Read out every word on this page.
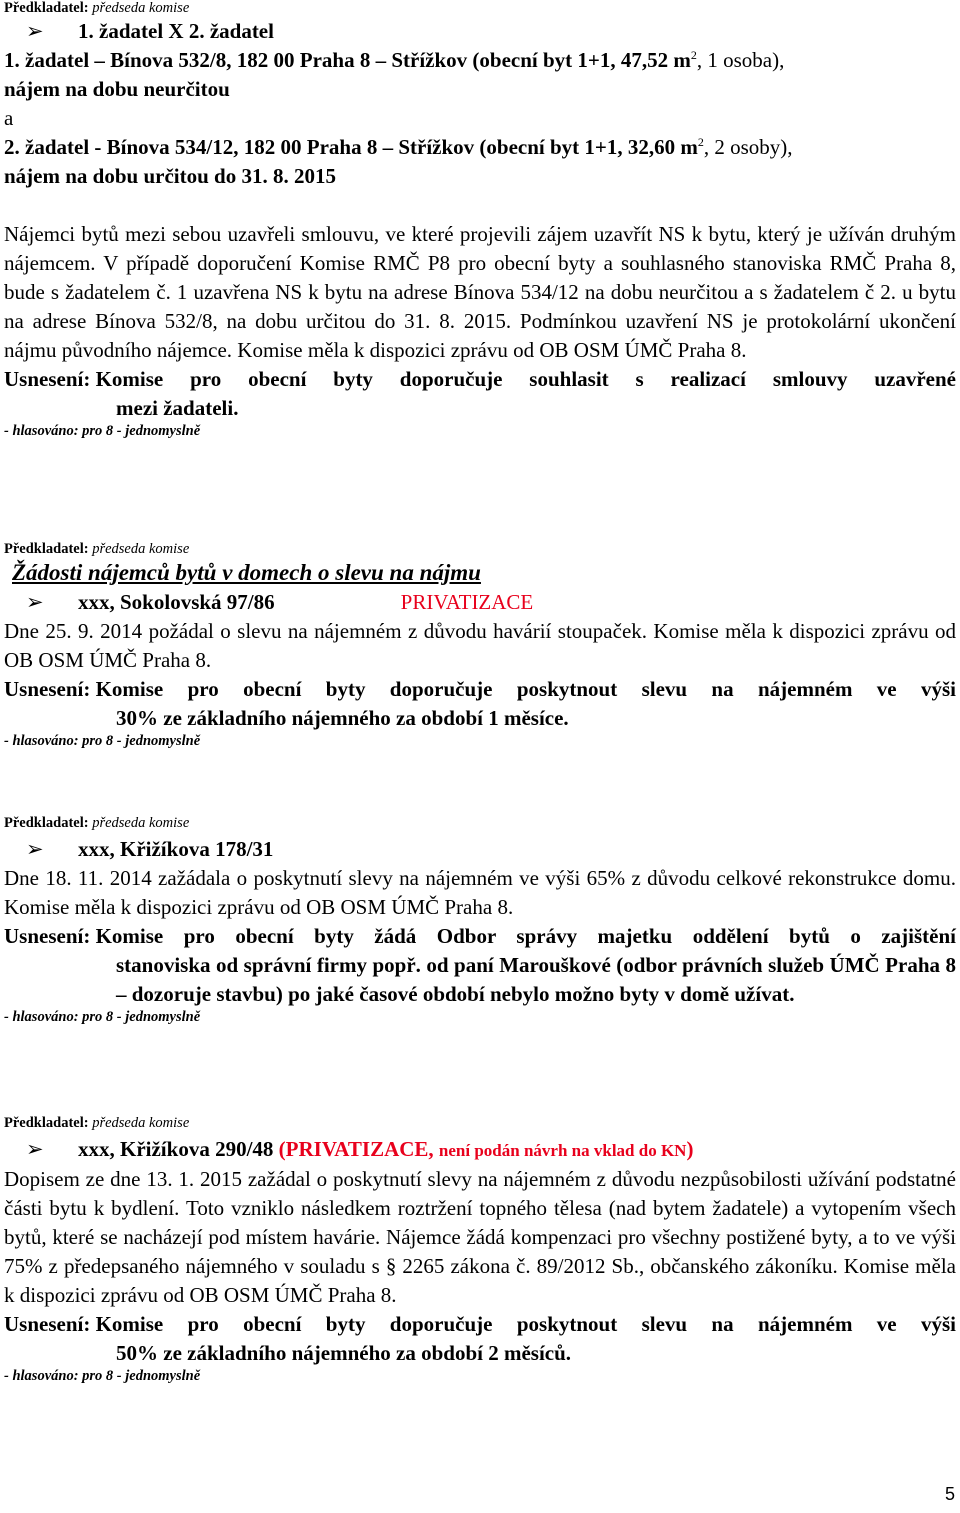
Předkladatel: předseda komise
➢ 1. žadatel X 2. žadatel
1. žadatel – Bínova 532/8, 182 00 Praha 8 – Střížkov (obecní byt 1+1, 47,52 $m^2$, 1 osoba),
nájem na dobu neurčitou
a
2. žadatel - Bínova 534/12, 182 00 Praha 8 – Střížkov (obecní byt 1+1, 32,60 $m^2$, 2 osoby),
nájem na dobu určitou do 31. 8. 2015
Nájemci bytů mezi sebou uzavřeli smlouvu, ve které projevili zájem uzavřít NS k bytu, který je užíván druhým nájemcem. V případě doporučení Komise RMČ P8 pro obecní byty a souhlasného stanoviska RMČ Praha 8, bude s žadatelem č. 1 uzavřena NS k bytu na adrese Bínova 534/12 na dobu neurčitou a s žadatelem č 2. u bytu na adrese Bínova 532/8, na dobu určitou do 31. 8. 2015. Podmínkou uzavření NS je protokolární ukončení nájmu původního nájemce. Komise měla k dispozici zprávu od OB OSM ÚMČ Praha 8.
Usnesení:
Komise pro obecní byty doporučuje souhlasit s realizací smlouvy uzavřené
mezi žadateli.
- hlasováno: pro 8 - jednomyslně
Předkladatel: předseda komise
Žádosti nájemců bytů v domech o slevu na nájmu
➢ xxx, Sokolovská 97/86	PRIVATIZACE
Dne 25. 9. 2014 požádal o slevu na nájemném z důvodu havárií stoupaček. Komise měla k dispozici zprávu od OB OSM ÚMČ Praha 8.
Usnesení:
Komise pro obecní byty doporučuje poskytnout slevu na nájemném ve výši
30% ze základního nájemného za období 1 měsíce.
- hlasováno: pro 8 - jednomyslně
Předkladatel: předseda komise
➢ xxx, Křižíkova 178/31
Dne 18. 11. 2014 zažádala o poskytnutí slevy na nájemném ve výši 65% z důvodu celkové rekonstrukce domu. Komise měla k dispozici zprávu od OB OSM ÚMČ Praha 8.
Usnesení:
Komise pro obecní byty žádá Odbor správy majetku oddělení bytů o zajištění
stanoviska od správní firmy popř. od paní Marouškové (odbor právních služeb ÚMČ Praha 8 – dozoruje stavbu) po jaké časové období nebylo možno byty v domě užívat.
- hlasováno: pro 8 - jednomyslně
Předkladatel: předseda komise
➢ xxx, Křižíkova 290/48 (PRIVATIZACE, není podán návrh na vklad do KN)
Dopisem ze dne 13. 1. 2015 zažádal o poskytnutí slevy na nájemném z důvodu nezpůsobilosti užívání podstatné části bytu k bydlení. Toto vzniklo následkem roztržení topného tělesa (nad bytem žadatele) a vytopením všech bytů, které se nacházejí pod místem havárie. Nájemce žádá kompenzaci pro všechny postižené byty, a to ve výši 75% z předepsaného nájemného v souladu s § 2265 zákona č. 89/2012 Sb., občanského zákoníku. Komise měla k dispozici zprávu od OB OSM ÚMČ Praha 8.
Usnesení:
Komise pro obecní byty doporučuje poskytnout slevu na nájemném ve výši
50% ze základního nájemného za období 2 měsíců.
- hlasováno: pro 8 - jednomyslně
5
